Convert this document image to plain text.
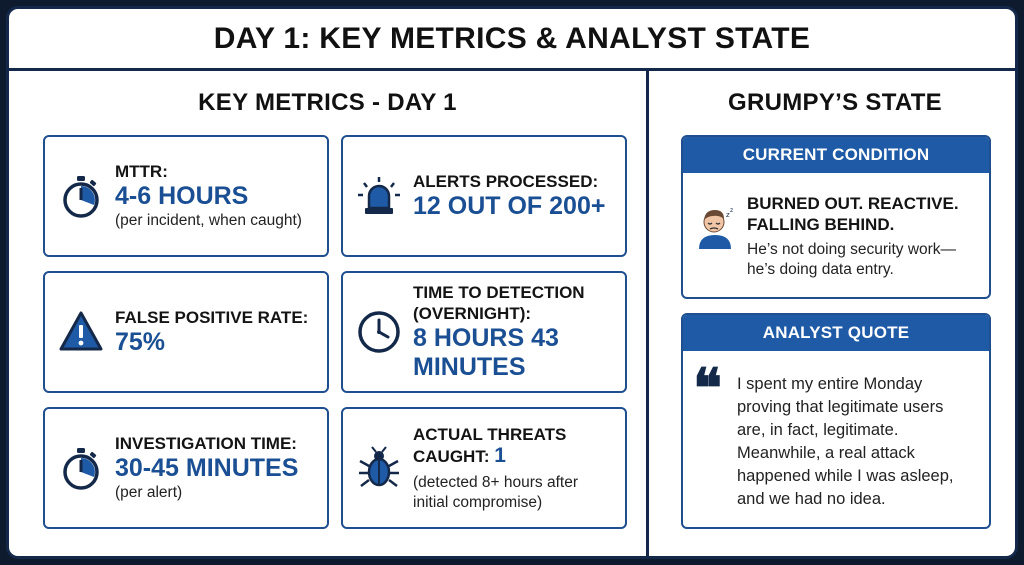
DAY 1: KEY METRICS & ANALYST STATE
KEY METRICS - DAY 1
MTTR:
4-6 HOURS
(per incident, when caught)
ALERTS PROCESSED:
12 OUT OF 200+
FALSE POSITIVE RATE:
75%
TIME TO DETECTION
(OVERNIGHT):
8 HOURS 43
MINUTES
INVESTIGATION TIME:
30-45 MINUTES
(per alert)
ACTUAL THREATS
CAUGHT: 1
(detected 8+ hours after
initial compromise)
GRUMPY’S STATE
CURRENT CONDITION
z
z BURNED OUT. REACTIVE.
FALLING BEHIND.
He’s not doing security work—
he’s doing data entry.
ANALYST QUOTE
❝ I spent my entire Monday
proving that legitimate users
are, in fact, legitimate.
Meanwhile, a real attack
happened while I was asleep,
and we had no idea.
